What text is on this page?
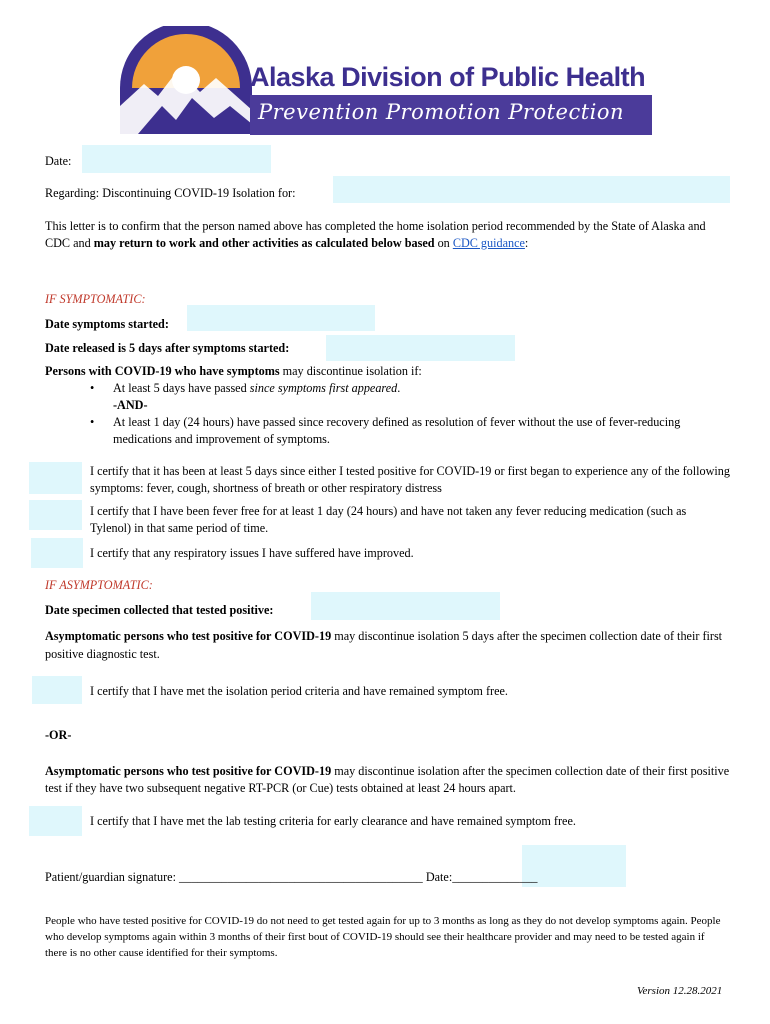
Alaska Division of Public Health
Prevention Promotion Protection
Date:
Regarding: Discontinuing COVID-19 Isolation for:
This letter is to confirm that the person named above has completed the home isolation period recommended by the State of Alaska and CDC and may return to work and other activities as calculated below based on CDC guidance:
IF SYMPTOMATIC:
Date symptoms started:
Date released is 5 days after symptoms started:
Persons with COVID-19 who have symptoms may discontinue isolation if:
• At least 5 days have passed since symptoms first appeared.
-AND-
• At least 1 day (24 hours) have passed since recovery defined as resolution of fever without the use of fever-reducing medications and improvement of symptoms.
I certify that it has been at least 5 days since either I tested positive for COVID-19 or first began to experience any of the following symptoms: fever, cough, shortness of breath or other respiratory distress
I certify that I have been fever free for at least 1 day (24 hours) and have not taken any fever reducing medication (such as Tylenol) in that same period of time.
I certify that any respiratory issues I have suffered have improved.
IF ASYMPTOMATIC:
Date specimen collected that tested positive:
Asymptomatic persons who test positive for COVID-19 may discontinue isolation 5 days after the specimen collection date of their first positive diagnostic test.
I certify that I have met the isolation period criteria and have remained symptom free.
-OR-
Asymptomatic persons who test positive for COVID-19 may discontinue isolation after the specimen collection date of their first positive test if they have two subsequent negative RT-PCR (or Cue) tests obtained at least 24 hours apart.
I certify that I have met the lab testing criteria for early clearance and have remained symptom free.
Patient/guardian signature: ________________________________________ Date:______________
People who have tested positive for COVID-19 do not need to get tested again for up to 3 months as long as they do not develop symptoms again. People who develop symptoms again within 3 months of their first bout of COVID-19 should see their healthcare provider and may need to be tested again if there is no other cause identified for their symptoms.
Version 12.28.2021
